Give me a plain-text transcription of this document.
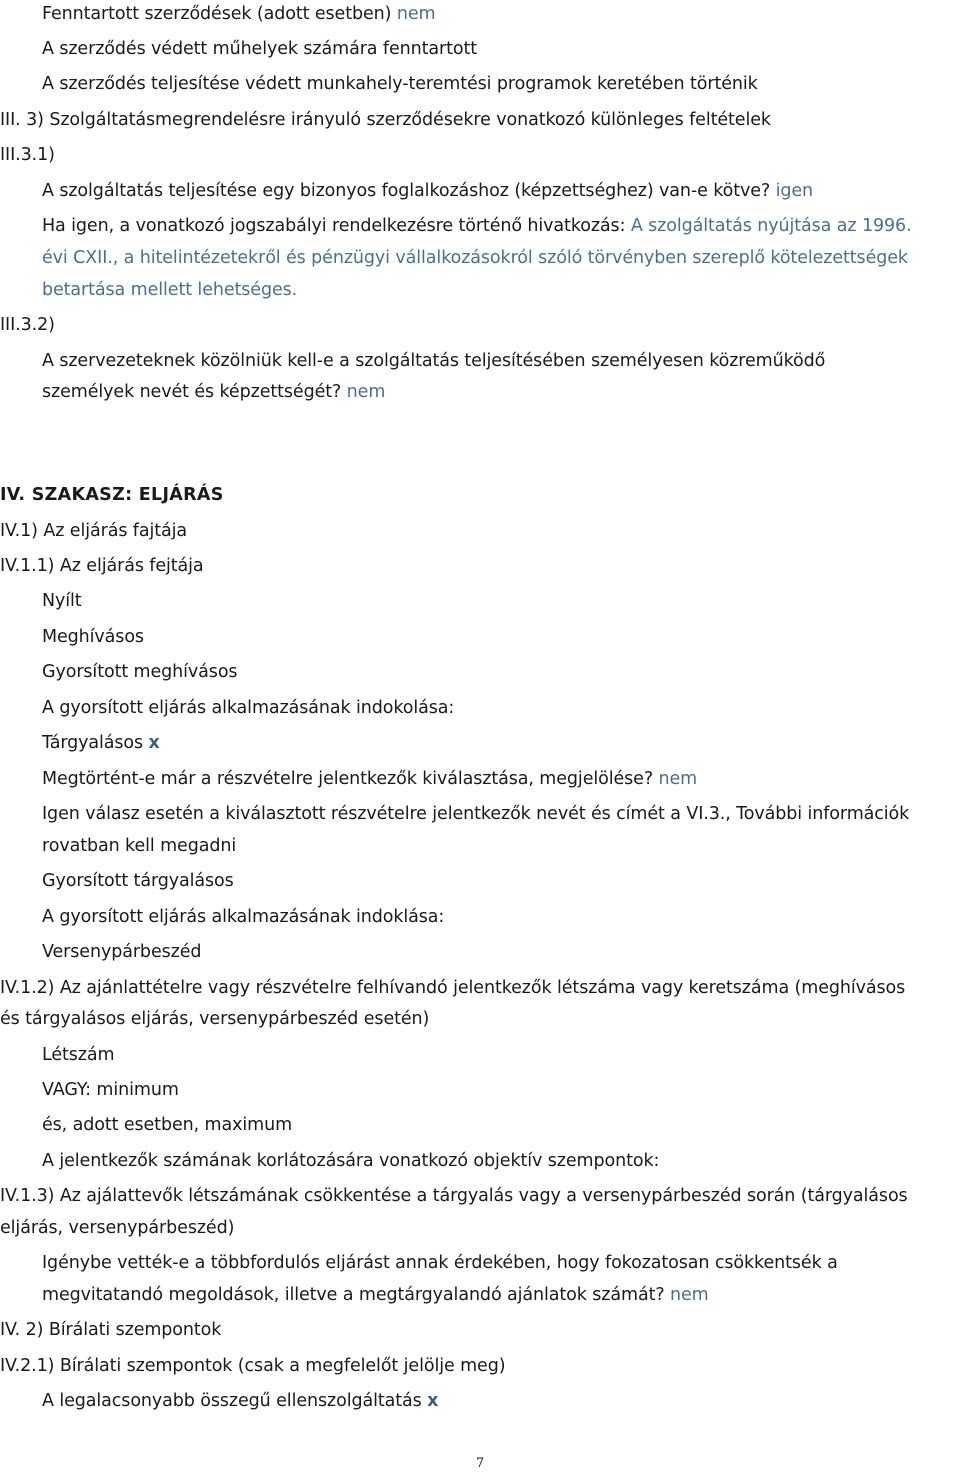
Fenntartott szerződések (adott esetben) nem
A szerződés védett műhelyek számára fenntartott
A szerződés teljesítése védett munkahely-teremtési programok keretében történik
III. 3) Szolgáltatásmegrendelésre irányuló szerződésekre vonatkozó különleges feltételek
III.3.1)
A szolgáltatás teljesítése egy bizonyos foglalkozáshoz (képzettséghez) van-e kötve? igen
Ha igen, a vonatkozó jogszabályi rendelkezésre történő hivatkozás: A szolgáltatás nyújtása az 1996.
évi CXII., a hitelintézetekről és pénzügyi vállalkozásokról szóló törvényben szereplő kötelezettségek
betartása mellett lehetséges.
III.3.2)
A szervezeteknek közölniük kell-e a szolgáltatás teljesítésében személyesen közreműködő
személyek nevét és képzettségét? nem
IV. SZAKASZ: ELJÁRÁS
IV.1) Az eljárás fajtája
IV.1.1) Az eljárás fejtája
Nyílt
Meghívásos
Gyorsított meghívásos
A gyorsított eljárás alkalmazásának indokolása:
Tárgyalásos x
Megtörtént-e már a részvételre jelentkezők kiválasztása, megjelölése? nem
Igen válasz esetén a kiválasztott részvételre jelentkezők nevét és címét a VI.3., További információk
rovatban kell megadni
Gyorsított tárgyalásos
A gyorsított eljárás alkalmazásának indoklása:
Versenypárbeszéd
IV.1.2) Az ajánlattételre vagy részvételre felhívandó jelentkezők létszáma vagy keretszáma (meghívásos
és tárgyalásos eljárás, versenypárbeszéd esetén)
Létszám
VAGY: minimum
és, adott esetben, maximum
A jelentkezők számának korlátozására vonatkozó objektív szempontok:
IV.1.3) Az ajálattevők létszámának csökkentése a tárgyalás vagy a versenypárbeszéd során (tárgyalásos
eljárás, versenypárbeszéd)
Igénybe vették-e a többfordulós eljárást annak érdekében, hogy fokozatosan csökkentsék a
megvitatandó megoldások, illetve a megtárgyalandó ajánlatok számát? nem
IV. 2) Bírálati szempontok
IV.2.1) Bírálati szempontok (csak a megfelelőt jelölje meg)
A legalacsonyabb összegű ellenszolgáltatás x
7
